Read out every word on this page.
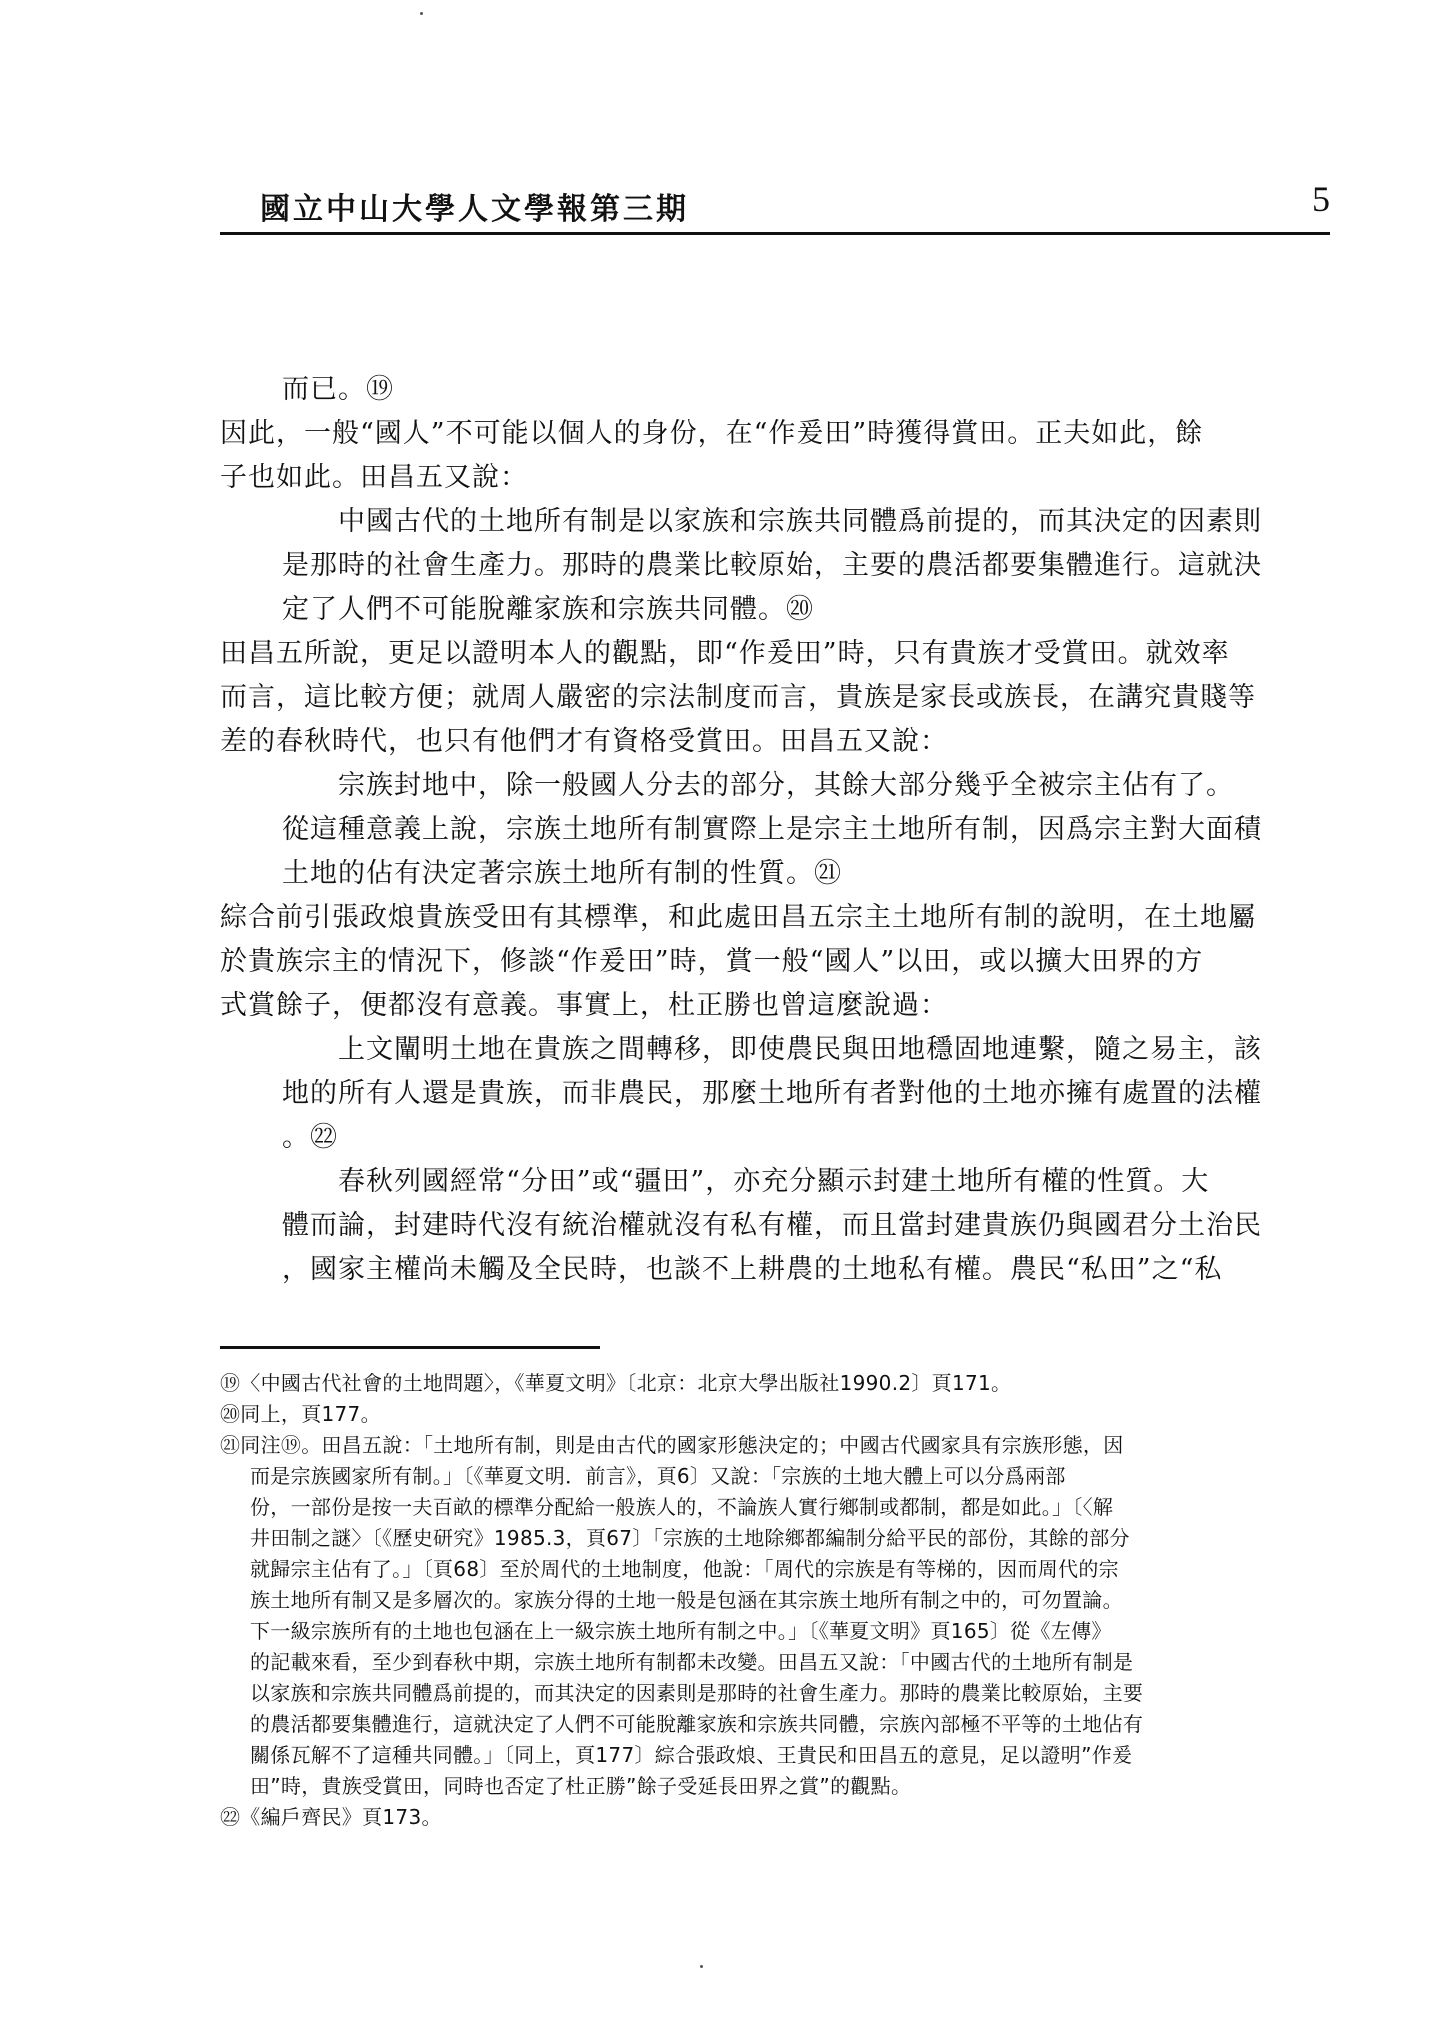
國立中山大學人文學報第三期	5
而已。⑲
因此，一般“國人”不可能以個人的身份，在“作爰田”時獲得賞田。正夫如此，餘
子也如此。田昌五又說：
中國古代的土地所有制是以家族和宗族共同體爲前提的，而其決定的因素則
是那時的社會生產力。那時的農業比較原始，主要的農活都要集體進行。這就決
定了人們不可能脫離家族和宗族共同體。⑳
田昌五所說，更足以證明本人的觀點，即“作爰田”時，只有貴族才受賞田。就效率
而言，這比較方便；就周人嚴密的宗法制度而言，貴族是家長或族長，在講究貴賤等
差的春秋時代，也只有他們才有資格受賞田。田昌五又說：
宗族封地中，除一般國人分去的部分，其餘大部分幾乎全被宗主佔有了。
從這種意義上說，宗族土地所有制實際上是宗主土地所有制，因爲宗主對大面積
土地的佔有決定著宗族土地所有制的性質。㉑
綜合前引張政烺貴族受田有其標準，和此處田昌五宗主土地所有制的說明，在土地屬
於貴族宗主的情況下，修談“作爰田”時，賞一般“國人”以田，或以擴大田界的方
式賞餘子，便都沒有意義。事實上，杜正勝也曾這麼說過：
上文闡明土地在貴族之間轉移，即使農民與田地穩固地連繫，隨之易主，該
地的所有人還是貴族，而非農民，那麼土地所有者對他的土地亦擁有處置的法權
。㉒
春秋列國經常“分田”或“疆田”，亦充分顯示封建土地所有權的性質。大
體而論，封建時代沒有統治權就沒有私有權，而且當封建貴族仍與國君分土治民
，國家主權尚未觸及全民時，也談不上耕農的土地私有權。農民“私田”之“私
⑲〈中國古代社會的土地問題〉，《華夏文明》〔北京：北京大學出版社1990.2〕頁171。
⑳同上，頁177。
㉑同注⑲。田昌五說：「土地所有制，則是由古代的國家形態決定的；中國古代國家具有宗族形態，因
而是宗族國家所有制。」〔《華夏文明．前言》，頁6〕又說：「宗族的土地大體上可以分爲兩部
份，一部份是按一夫百畝的標準分配給一般族人的，不論族人實行鄉制或都制，都是如此。」〔〈解
井田制之謎〉〔《歷史研究》1985.3，頁67〕「宗族的土地除鄉都編制分給平民的部份，其餘的部分
就歸宗主佔有了。」〔頁68〕至於周代的土地制度，他說：「周代的宗族是有等梯的，因而周代的宗
族土地所有制又是多層次的。家族分得的土地一般是包涵在其宗族土地所有制之中的，可勿置論。
下一級宗族所有的土地也包涵在上一級宗族土地所有制之中。」〔《華夏文明》頁165〕從《左傳》
的記載來看，至少到春秋中期，宗族土地所有制都未改變。田昌五又說：「中國古代的土地所有制是
以家族和宗族共同體爲前提的，而其決定的因素則是那時的社會生產力。那時的農業比較原始，主要
的農活都要集體進行，這就決定了人們不可能脫離家族和宗族共同體，宗族內部極不平等的土地佔有
關係瓦解不了這種共同體。」〔同上，頁177〕綜合張政烺、王貴民和田昌五的意見，足以證明”作爰
田”時，貴族受賞田，同時也否定了杜正勝”餘子受延長田界之賞”的觀點。
㉒《編戶齊民》頁173。
